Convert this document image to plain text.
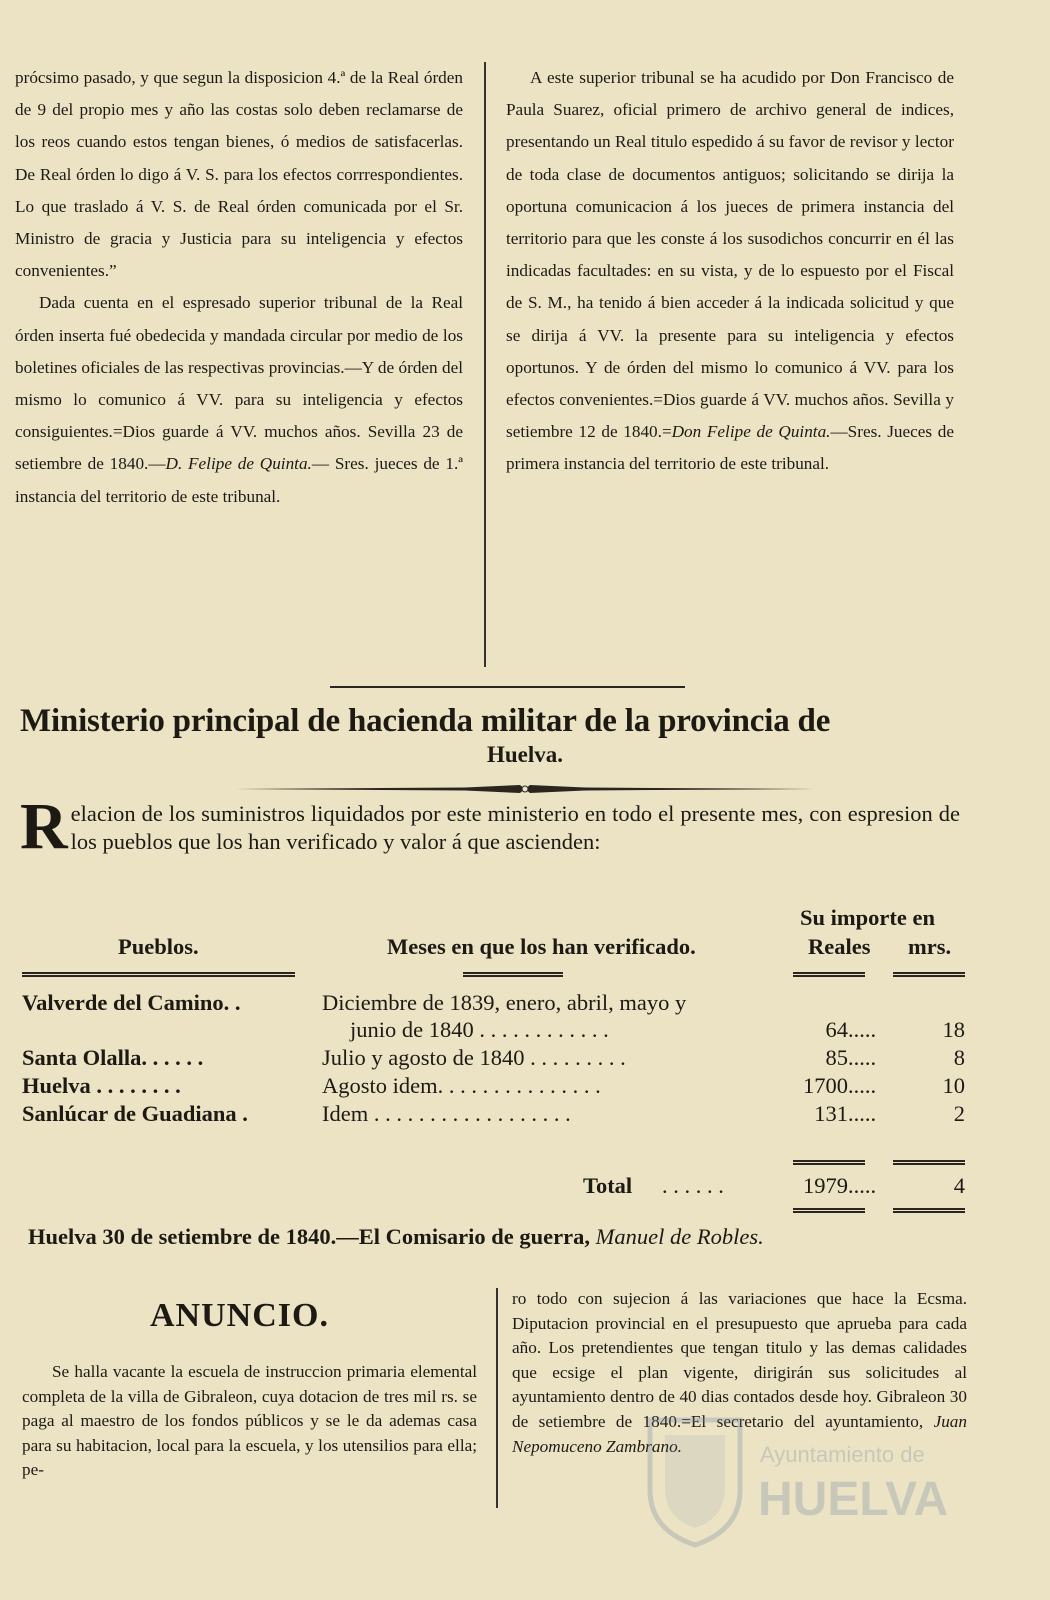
prócsimo pasado, y que segun la disposicion 4.ª de la Real órden de 9 del propio mes y año las costas solo deben reclamarse de los reos cuando estos tengan bienes, ó medios de satisfacerlas. De Real órden lo digo á V. S. para los efectos corrrespondientes. Lo que traslado á V. S. de Real órden comunicada por el Sr. Ministro de gracia y Justicia para su inteligencia y efectos convenientes.”

Dada cuenta en el espresado superior tribunal de la Real órden inserta fué obedecida y mandada circular por medio de los boletines oficiales de las respectivas provincias.—Y de órden del mismo lo comunico á VV. para su inteligencia y efectos consiguientes.=Dios guarde á VV. muchos años. Sevilla 23 de setiembre de 1840.—D. Felipe de Quinta.— Sres. jueces de 1.ª instancia del territorio de este tribunal.

A este superior tribunal se ha acudido por Don Francisco de Paula Suarez, oficial primero de archivo general de indices, presentando un Real titulo espedido á su favor de revisor y lector de toda clase de documentos antiguos; solicitando se dirija la oportuna comunicacion á los jueces de primera instancia del territorio para que les conste á los susodichos concurrir en él las indicadas facultades: en su vista, y de lo espuesto por el Fiscal de S. M., ha tenido á bien acceder á la indicada solicitud y que se dirija á VV. la presente para su inteligencia y efectos oportunos. Y de órden del mismo lo comunico á VV. para los efectos convenientes.=Dios guarde á VV. muchos años. Sevilla y setiembre 12 de 1840.=Don Felipe de Quinta.—Sres. Jueces de primera instancia del territorio de este tribunal.

Ministerio principal de hacienda militar de la provincia de
Huelva.
Relacion de los suministros liquidados por este ministerio en todo el presente mes, con espresion de los pueblos que los han verificado y valor á que ascienden:
Su importe en
Pueblos.	Meses en que los han verificado.	Reales mrs.
Valverde del Camino. .	Diciembre de 1839, enero, abril, mayo y
junio de 1840 . . . . . . . . . . . .	64 .....	18
Santa Olalla. . . . . .	Julio y agosto de 1840 . . . . . . . . .	85 .....	8
Huelva . . . . . . . .	Agosto idem. . . . . . . . . . . . . . .	1700 .....	10
Sanlúcar de Guadiana .	Idem . . . . . . . . . . . . . . . . . .	131 .....	2
Total . . . . . .	1979 .....	4
Huelva 30 de setiembre de 1840.—El Comisario de guerra, Manuel de Robles.
ANUNCIO.

Se halla vacante la escuela de instruccion primaria elemental completa de la villa de Gibraleon, cuya dotacion de tres mil rs. se paga al maestro de los fondos públicos y se le da ademas casa para su habitacion, local para la escuela, y los utensilios para ella; pe-

ro todo con sujecion á las variaciones que hace la Ecsma. Diputacion provincial en el presupuesto que aprueba para cada año. Los pretendientes que tengan titulo y las demas calidades que ecsige el plan vigente, dirigirán sus solicitudes al ayuntamiento dentro de 40 dias contados desde hoy. Gibraleon 30 de setiembre de 1840.=El secretario del ayuntamiento, Juan Nepomuceno Zambrano.	Ayuntamiento de
HUELVA
